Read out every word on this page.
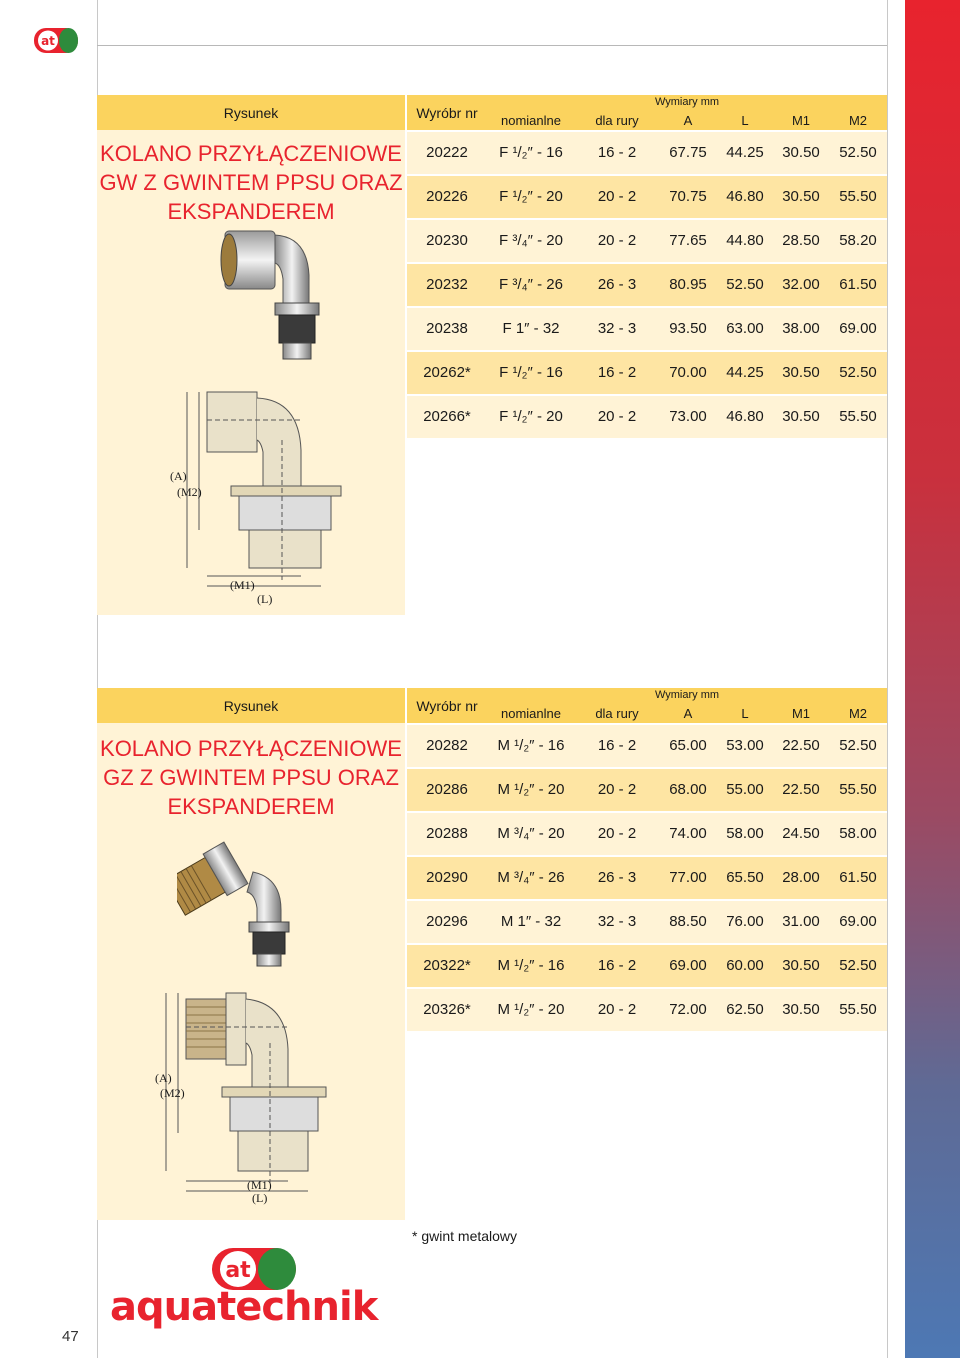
at
Rysunek
KOLANO PRZYŁĄCZENIOWE
GW Z GWINTEM PPSU ORAZ
EKSPANDEREM
(A)
(M2)
(M1)
(L)
Wyróbr nr
Wymiary mm
nomianlne	dla rury	A	L	M1	M2
20222	F ¹/₂″ - 16	16 - 2	67.75	44.25	30.50	52.50
20226	F ¹/₂″ - 20	20 - 2	70.75	46.80	30.50	55.50
20230	F ³/₄″ - 20	20 - 2	77.65	44.80	28.50	58.20
20232	F ³/₄″ - 26	26 - 3	80.95	52.50	32.00	61.50
20238	F 1″ - 32	32 - 3	93.50	63.00	38.00	69.00
20262*	F ¹/₂″ - 16	16 - 2	70.00	44.25	30.50	52.50
20266*	F ¹/₂″ - 20	20 - 2	73.00	46.80	30.50	55.50
Rysunek
KOLANO PRZYŁĄCZENIOWE
GZ Z GWINTEM PPSU ORAZ
EKSPANDEREM
(A)
(M2)
(M1)
(L)
Wyróbr nr
Wymiary mm
nomianlne	dla rury	A	L	M1	M2
20282	M ¹/₂″ - 16	16 - 2	65.00	53.00	22.50	52.50
20286	M ¹/₂″ - 20	20 - 2	68.00	55.00	22.50	55.50
20288	M ³/₄″ - 20	20 - 2	74.00	58.00	24.50	58.00
20290	M ³/₄″ - 26	26 - 3	77.00	65.50	28.00	61.50
20296	M 1″ - 32	32 - 3	88.50	76.00	31.00	69.00
20322*	M ¹/₂″ - 16	16 - 2	69.00	60.00	30.50	52.50
20326*	M ¹/₂″ - 20	20 - 2	72.00	62.50	30.50	55.50
* gwint metalowy
at
aquatechnik
47
